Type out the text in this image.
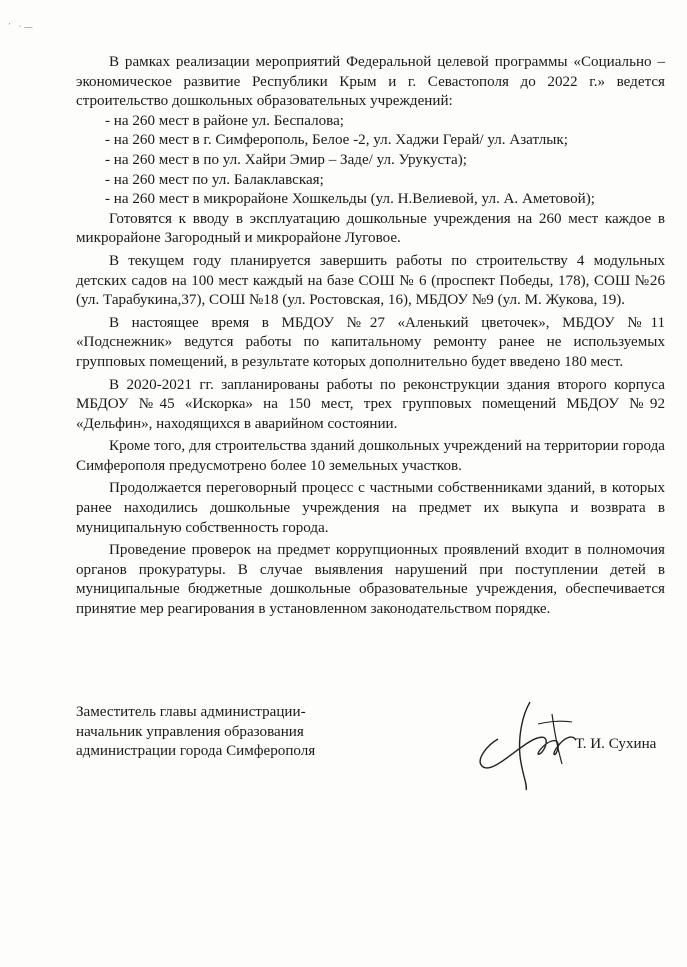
´ ·—

В рамках реализации мероприятий Федеральной целевой программы «Социально – экономическое развитие Республики Крым и г. Севастополя до 2022 г.» ведется строительство дошкольных образовательных учреждений:

- на 260 мест в районе ул. Беспалова;

- на 260 мест в г. Симферополь, Белое -2, ул. Хаджи Герай/ ул. Азатлык;

- на 260 мест в по ул. Хайри Эмир – Заде/ ул. Урукуста);

- на 260 мест по ул. Балаклавская;

- на 260 мест в микрорайоне Хошкельды (ул. Н.Велиевой, ул. А. Аметовой);

Готовятся к вводу в эксплуатацию дошкольные учреждения на 260 мест каждое в микрорайоне Загородный и микрорайоне Луговое.

В текущем году планируется завершить работы по строительству 4 модульных детских садов на 100 мест каждый на базе СОШ № 6 (проспект Победы, 178), СОШ №26 (ул. Тарабукина,37), СОШ №18 (ул. Ростовская, 16), МБДОУ №9 (ул. М. Жукова, 19).

В настоящее время в МБДОУ №27 «Аленький цветочек», МБДОУ №11 «Подснежник» ведутся работы по капитальному ремонту ранее не используемых групповых помещений, в результате которых дополнительно будет введено 180 мест.

В 2020-2021 гг. запланированы работы по реконструкции здания второго корпуса МБДОУ №45 «Искорка» на 150 мест, трех групповых помещений МБДОУ №92 «Дельфин», находящихся в аварийном состоянии.

Кроме того, для строительства зданий дошкольных учреждений на территории города Симферополя предусмотрено более 10 земельных участков.

Продолжается переговорный процесс с частными собственниками зданий, в которых ранее находились дошкольные учреждения на предмет их выкупа и возврата в муниципальную собственность города.

Проведение проверок на предмет коррупционных проявлений входит в полномочия органов прокуратуры. В случае выявления нарушений при поступлении детей в муниципальные бюджетные дошкольные образовательные учреждения, обеспечивается принятие мер реагирования в установленном законодательством порядке.

Заместитель главы администрации-
начальник управления образования
администрации города Симферополя	Т. И. Сухина
